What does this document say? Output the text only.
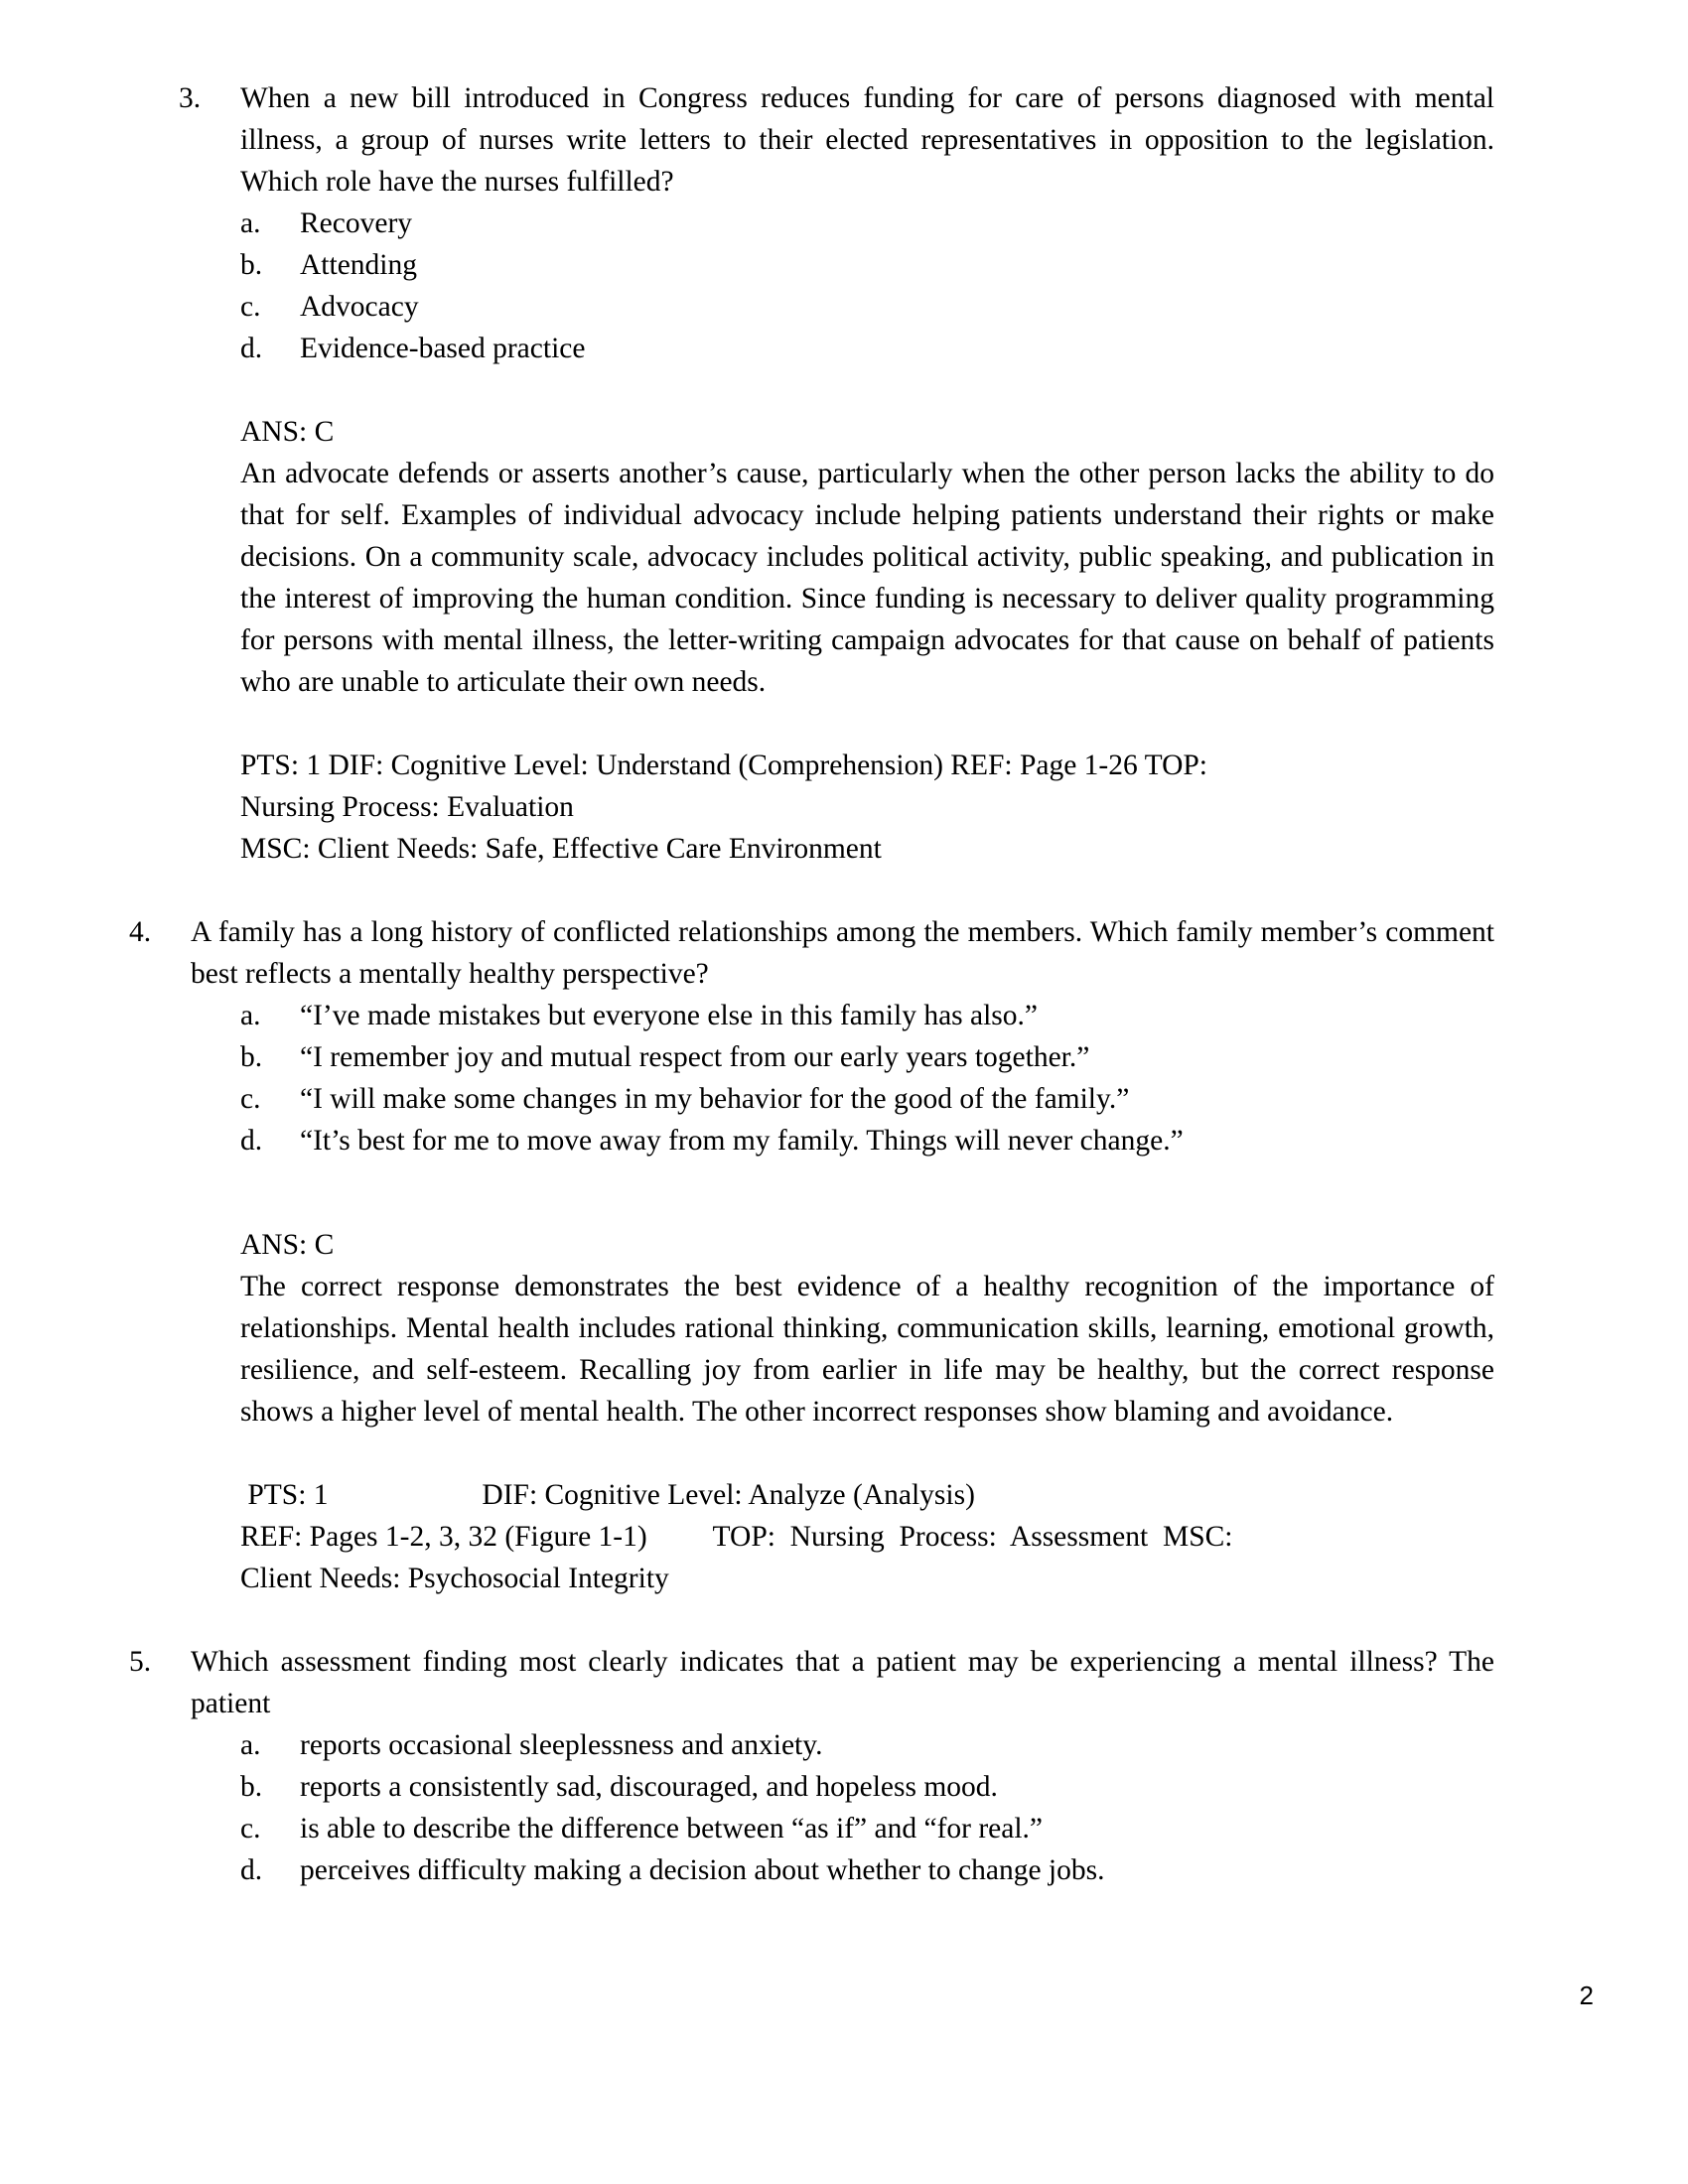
3.	When a new bill introduced in Congress reduces funding for care of persons diagnosed with mental illness, a group of nurses write letters to their elected representatives in opposition to the legislation. Which role have the nurses fulfilled?
a.	Recovery
b.	Attending
c.	Advocacy
d.	Evidence-based practice

ANS: C

An advocate defends or asserts another’s cause, particularly when the other person lacks the ability to do that for self. Examples of individual advocacy include helping patients understand their rights or make decisions. On a community scale, advocacy includes political activity, public speaking, and publication in the interest of improving the human condition. Since funding is necessary to deliver quality programming for persons with mental illness, the letter-writing campaign advocates for that cause on behalf of patients who are unable to articulate their own needs.

PTS: 1 DIF: Cognitive Level: Understand (Comprehension) REF: Page 1-26 TOP:

Nursing Process: Evaluation

MSC: Client Needs: Safe, Effective Care Environment

4.	A family has a long history of conflicted relationships among the members. Which family member’s comment best reflects a mentally healthy perspective?
a.	“I’ve made mistakes but everyone else in this family has also.”
b.	“I remember joy and mutual respect from our early years together.”
c.	“I will make some changes in my behavior for the good of the family.”
d.	“It’s best for me to move away from my family. Things will never change.”

ANS: C

The correct response demonstrates the best evidence of a healthy recognition of the importance of relationships. Mental health includes rational thinking, communication skills, learning, emotional growth, resilience, and self-esteem. Recalling joy from earlier in life may be healthy, but the correct response shows a higher level of mental health. The other incorrect responses show blaming and avoidance.

PTS: 1                     DIF: Cognitive Level: Analyze (Analysis)

REF: Pages 1-2, 3, 32 (Figure 1-1)         TOP:  Nursing  Process:  Assessment  MSC:

Client Needs: Psychosocial Integrity

5.	Which assessment finding most clearly indicates that a patient may be experiencing a mental illness? The patient
a.	reports occasional sleeplessness and anxiety.
b.	reports a consistently sad, discouraged, and hopeless mood.
c.	is able to describe the difference between “as if” and “for real.”
d.	perceives difficulty making a decision about whether to change jobs.
2
